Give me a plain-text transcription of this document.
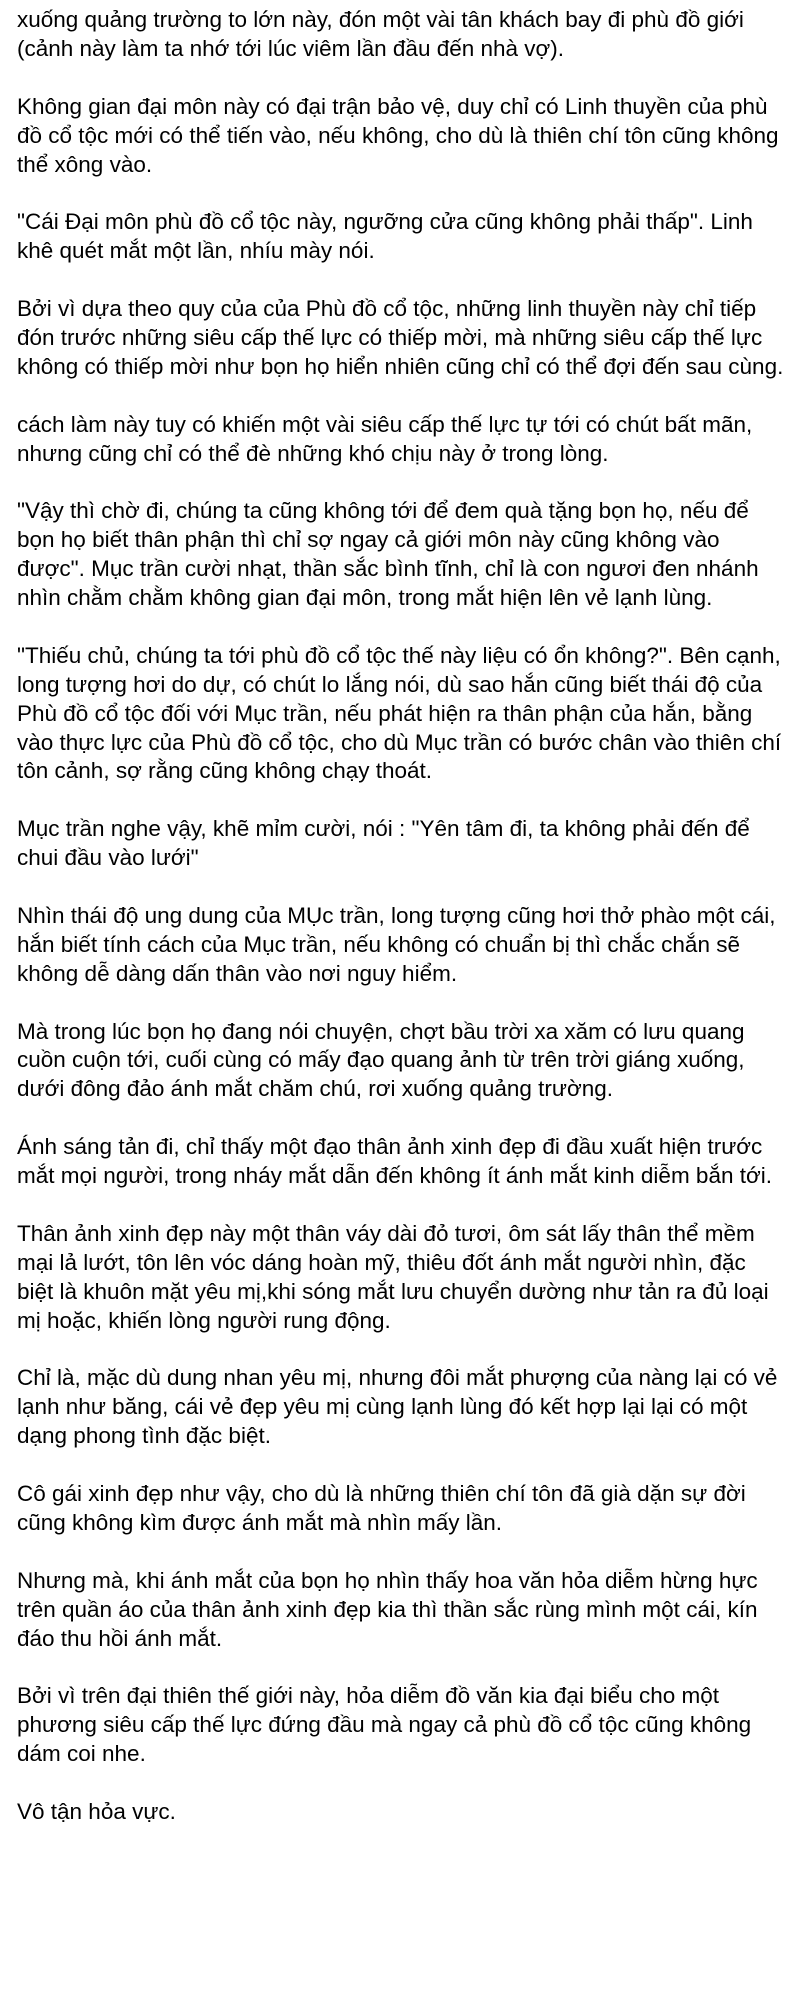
xuống quảng trường to lớn này, đón một vài tân khách bay đi phù đồ giới (cảnh này làm ta nhớ tới lúc viêm lần đầu đến nhà vợ).
Không gian đại môn này có đại trận bảo vệ, duy chỉ có Linh thuyền của phù đồ cổ tộc mới có thể tiến vào, nếu không, cho dù là thiên chí tôn cũng không thể xông vào.
"Cái Đại môn phù đồ cổ tộc này, ngưỡng cửa cũng không phải thấp". Linh khê quét mắt một lần, nhíu mày nói.
Bởi vì dựa theo quy của của Phù đồ cổ tộc, những linh thuyền này chỉ tiếp đón trước những siêu cấp thế lực có thiếp mời, mà những siêu cấp thế lực không có thiếp mời như bọn họ hiển nhiên cũng chỉ có thể đợi đến sau cùng.
cách làm này tuy có khiến một vài siêu cấp thế lực tự tới có chút bất mãn, nhưng cũng chỉ có thể đè những khó chịu này ở trong lòng.
"Vậy thì chờ đi, chúng ta cũng không tới để đem quà tặng bọn họ, nếu để bọn họ biết thân phận thì chỉ sợ ngay cả giới môn này cũng không vào được". Mục trần cười nhạt, thần sắc bình tĩnh, chỉ là con ngươi đen nhánh nhìn chằm chằm không gian đại môn, trong mắt hiện lên vẻ lạnh lùng.
"Thiếu chủ, chúng ta tới phù đồ cổ tộc thế này liệu có ổn không?". Bên cạnh, long tượng hơi do dự, có chút lo lắng nói, dù sao hắn cũng biết thái độ của Phù đồ cổ tộc đối với Mục trần, nếu phát hiện ra thân phận của hắn, bằng vào thực lực của Phù đồ cổ tộc, cho dù Mục trần có bước chân vào thiên chí tôn cảnh, sợ rằng cũng không chạy thoát.
Mục trần nghe vậy, khẽ mỉm cười, nói : "Yên tâm đi, ta không phải đến để chui đầu vào lưới"
Nhìn thái độ ung dung của MỤc trần, long tượng cũng hơi thở phào một cái, hắn biết tính cách của Mục trần, nếu không có chuẩn bị thì chắc chắn sẽ không dễ dàng dấn thân vào nơi nguy hiểm.
Mà trong lúc bọn họ đang nói chuyện, chợt bầu trời xa xăm có lưu quang cuồn cuộn tới, cuối cùng có mấy đạo quang ảnh từ trên trời giáng xuống, dưới đông đảo ánh mắt chăm chú, rơi xuống quảng trường.
Ánh sáng tản đi, chỉ thấy một đạo thân ảnh xinh đẹp đi đầu xuất hiện trước mắt mọi người, trong nháy mắt dẫn đến không ít ánh mắt kinh diễm bắn tới.
Thân ảnh xinh đẹp này một thân váy dài đỏ tươi, ôm sát lấy thân thể mềm mại lả lướt, tôn lên vóc dáng hoàn mỹ, thiêu đốt ánh mắt người nhìn, đặc biệt là khuôn mặt yêu mị,khi sóng mắt lưu chuyển dường như tản ra đủ loại mị hoặc, khiến lòng người rung động.
Chỉ là, mặc dù dung nhan yêu mị, nhưng đôi mắt phượng của nàng lại có vẻ lạnh như băng, cái vẻ đẹp yêu mị cùng lạnh lùng đó kết hợp lại lại có một dạng phong tình đặc biệt.
Cô gái xinh đẹp như vậy, cho dù là những thiên chí tôn đã già dặn sự đời cũng không kìm được ánh mắt mà nhìn mấy lần.
Nhưng mà, khi ánh mắt của bọn họ nhìn thấy hoa văn hỏa diễm hừng hực trên quần áo của thân ảnh xinh đẹp kia thì thần sắc rùng mình một cái, kín đáo thu hồi ánh mắt.
Bởi vì trên đại thiên thế giới này, hỏa diễm đồ văn kia đại biểu cho một phương siêu cấp thế lực đứng đầu mà ngay cả phù đồ cổ tộc cũng không dám coi nhe.
Vô tận hỏa vực.
